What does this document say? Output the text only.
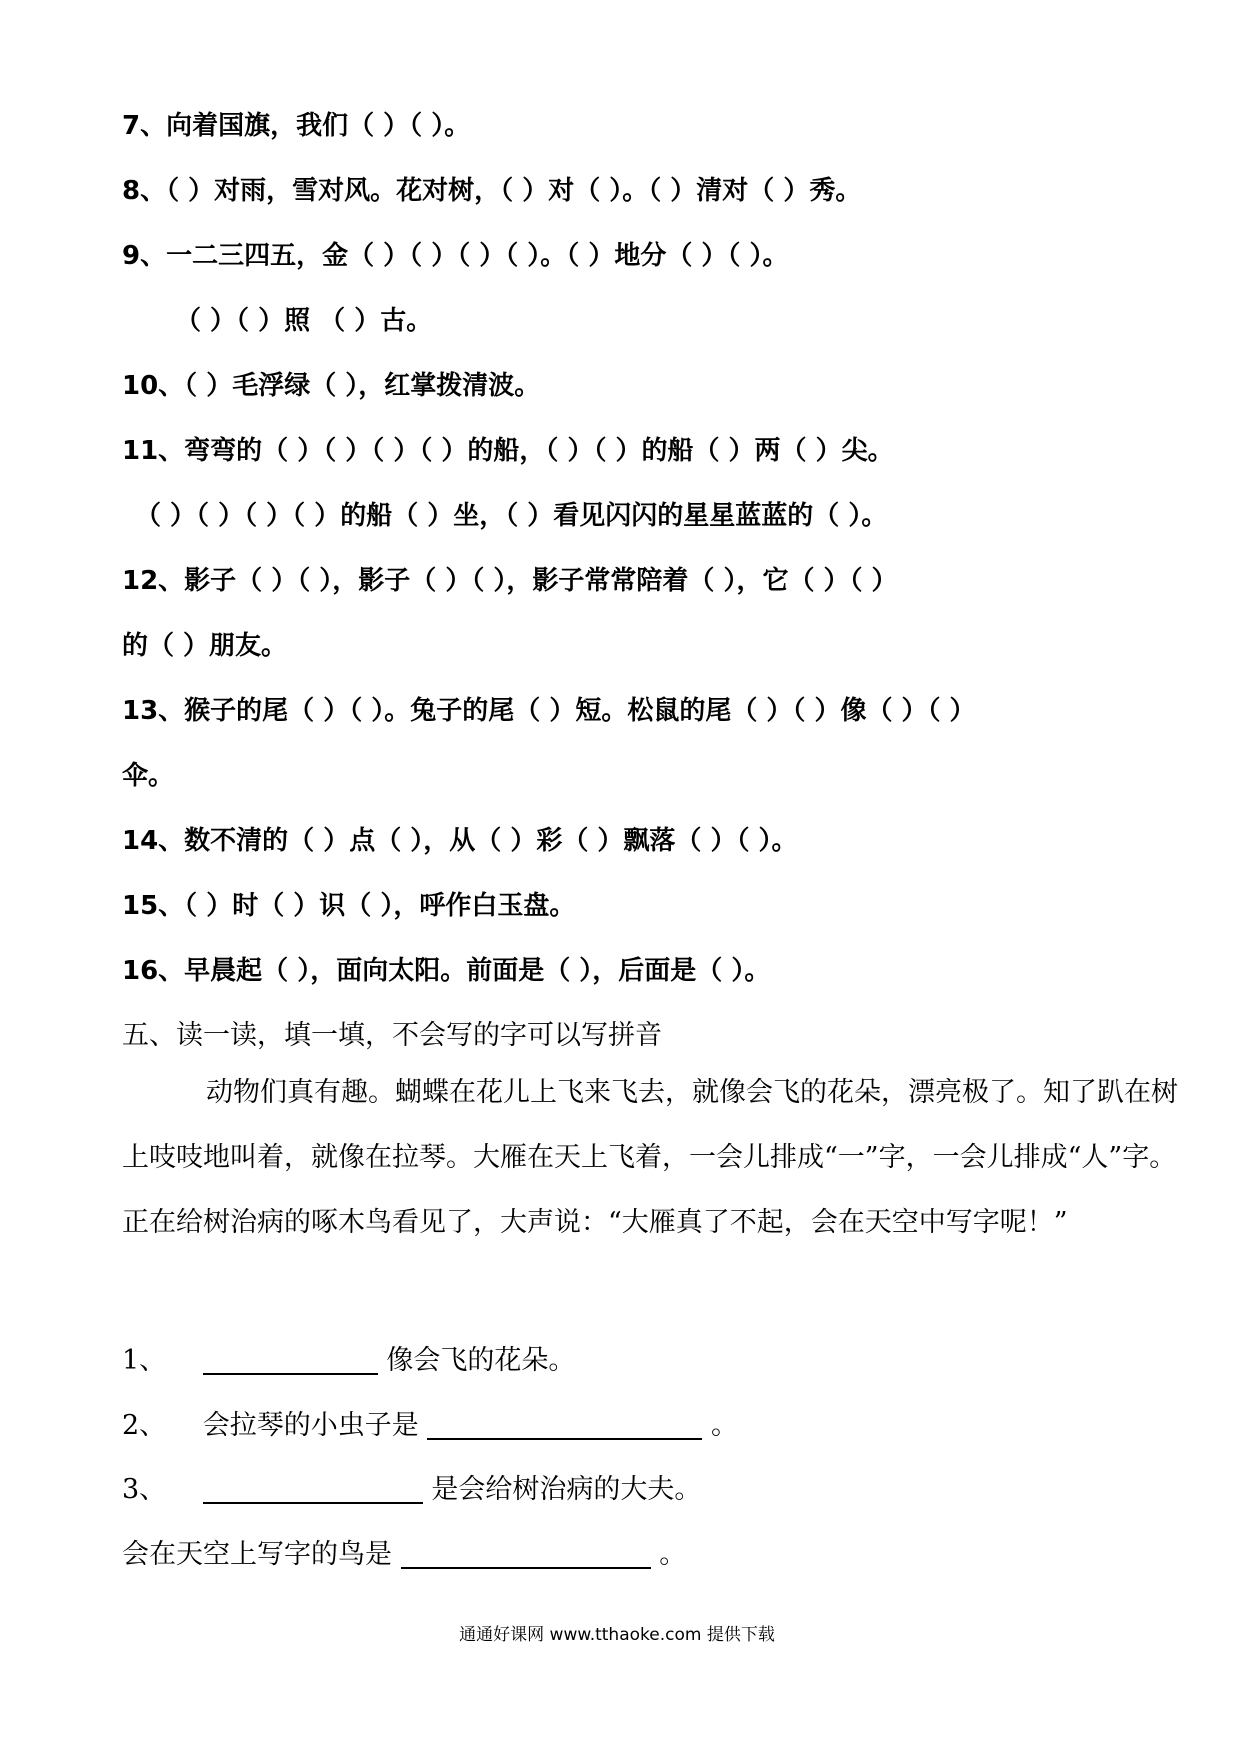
7、向着国旗，我们（ ）（ ）。
8、（ ）对雨，雪对风。花对树，（ ）对（ ）。（ ）清对（ ）秀。
9、一二三四五，金（ ）（ ）（ ）（ ）。（ ）地分（ ）（ ）。
（ ）（ ）照 （ ）古。
10、（ ）毛浮绿（ ），红掌拨清波。
11、弯弯的（ ）（ ）（ ）（ ）的船，（ ）（ ）的船（ ）两（ ）尖。
（ ）（ ）（ ）（ ）的船（ ）坐，（ ）看见闪闪的星星蓝蓝的（ ）。
12、影子（ ）（ ），影子（ ）（ ），影子常常陪着（ ），它（ ）（ ）
的（ ）朋友。
13、猴子的尾（ ）（ ）。兔子的尾（ ）短。松鼠的尾（ ）（ ）像（ ）（ ）
伞。
14、数不清的（ ）点（ ），从（ ）彩（ ）飘落（ ）（ ）。
15、（ ）时（ ）识（ ），呼作白玉盘。
16、早晨起（ ），面向太阳。前面是（ ），后面是（ ）。
五、读一读，填一填，不会写的字可以写拼音
动物们真有趣。蝴蝶在花儿上飞来飞去，就像会飞的花朵，漂亮极了。知了趴在树上吱吱地叫着，就像在拉琴。大雁在天上飞着，一会儿排成“一”字，一会儿排成“人”字。正在给树治病的啄木鸟看见了，大声说：“大雁真了不起，会在天空中写字呢！”
1、	像会飞的花朵。
2、 会拉琴的小虫子是	。
3、	是会给树治病的大夫。
会在天空上写字的鸟是	。
通通好课网 www.tthaoke.com 提供下载
